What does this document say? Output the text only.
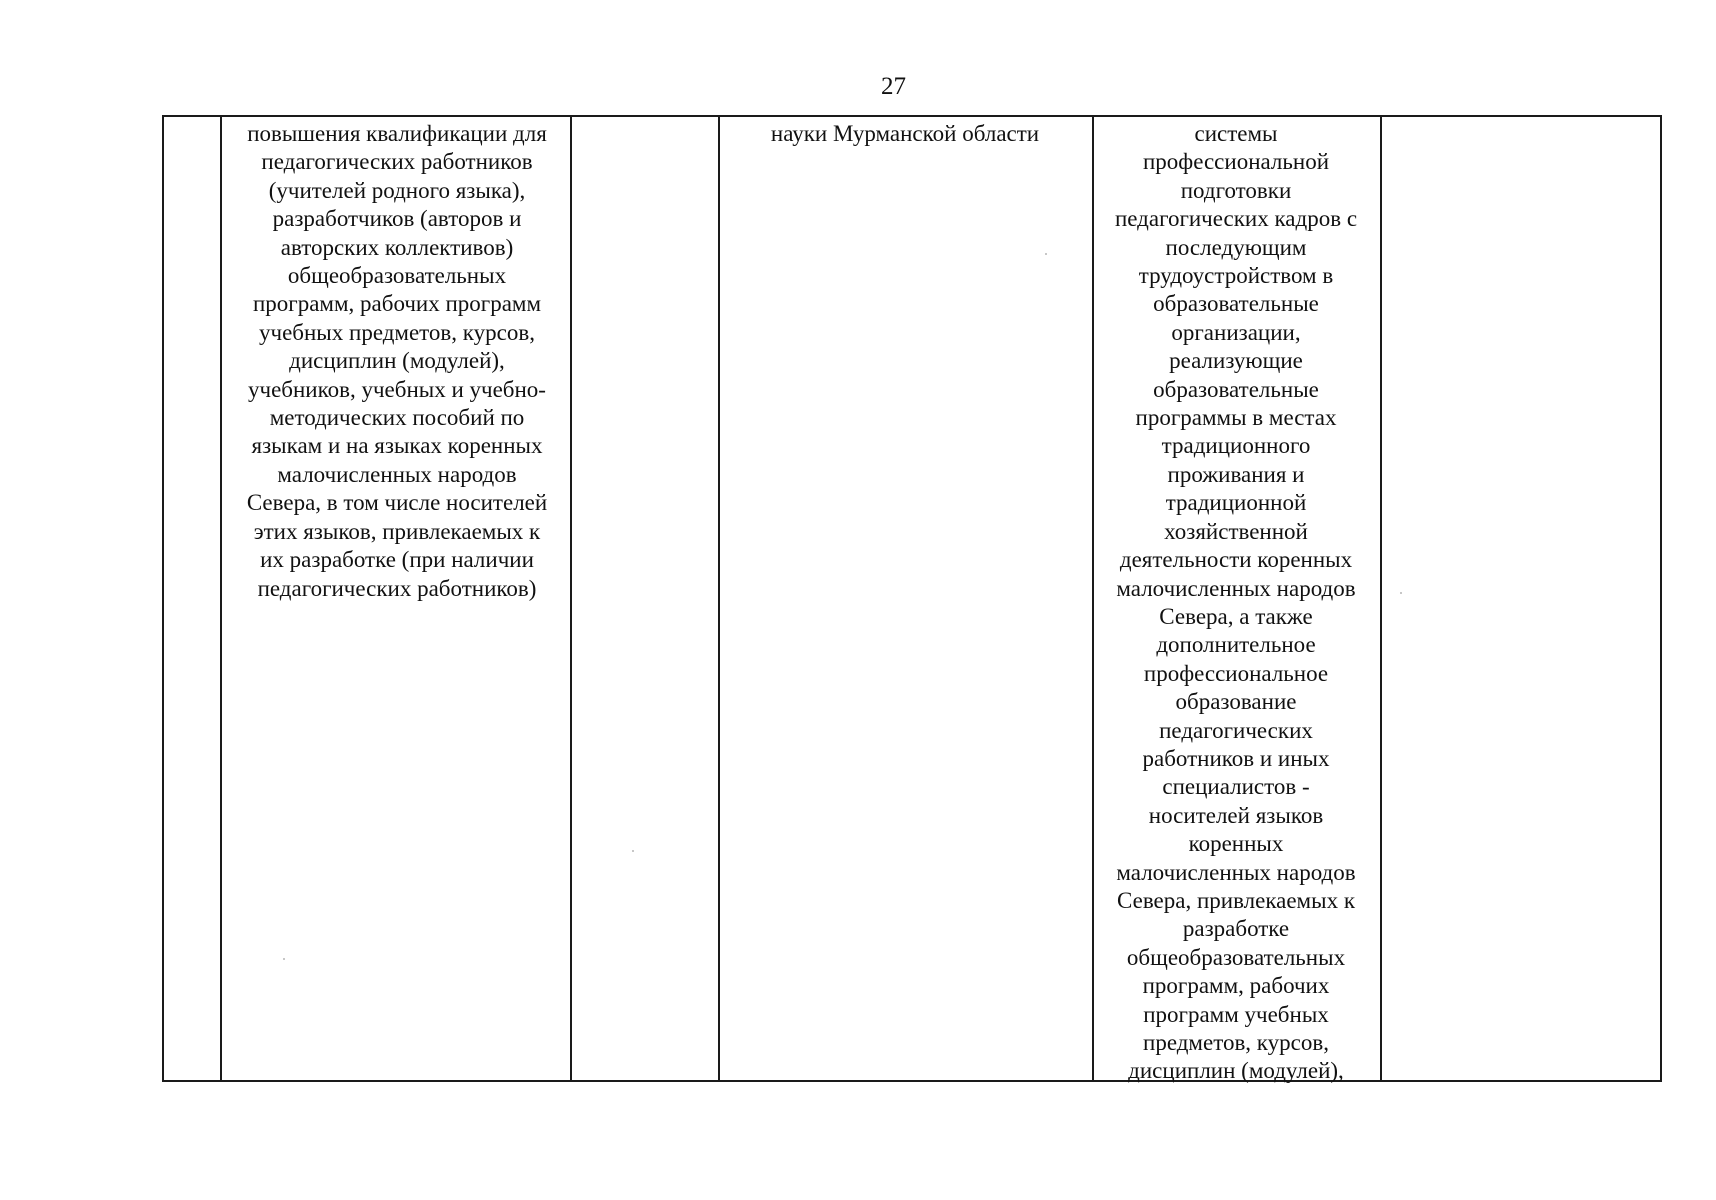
27
повышения квалификации для
педагогических работников
(учителей родного языка),
разработчиков (авторов и
авторских коллективов)
общеобразовательных
программ, рабочих программ
учебных предметов, курсов,
дисциплин (модулей),
учебников, учебных и учебно-
методических пособий по
языкам и на языках коренных
малочисленных народов
Севера, в том числе носителей
этих языков, привлекаемых к
их разработке (при наличии
педагогических работников)
науки Мурманской области	системы
профессиональной
подготовки
педагогических кадров с
последующим
трудоустройством в
образовательные
организации,
реализующие
образовательные
программы в местах
традиционного
проживания и
традиционной
хозяйственной
деятельности коренных
малочисленных народов
Севера, а также
дополнительное
профессиональное
образование
педагогических
работников и иных
специалистов -
носителей языков
коренных
малочисленных народов
Севера, привлекаемых к
разработке
общеобразовательных
программ, рабочих
программ учебных
предметов, курсов,
дисциплин (модулей),
